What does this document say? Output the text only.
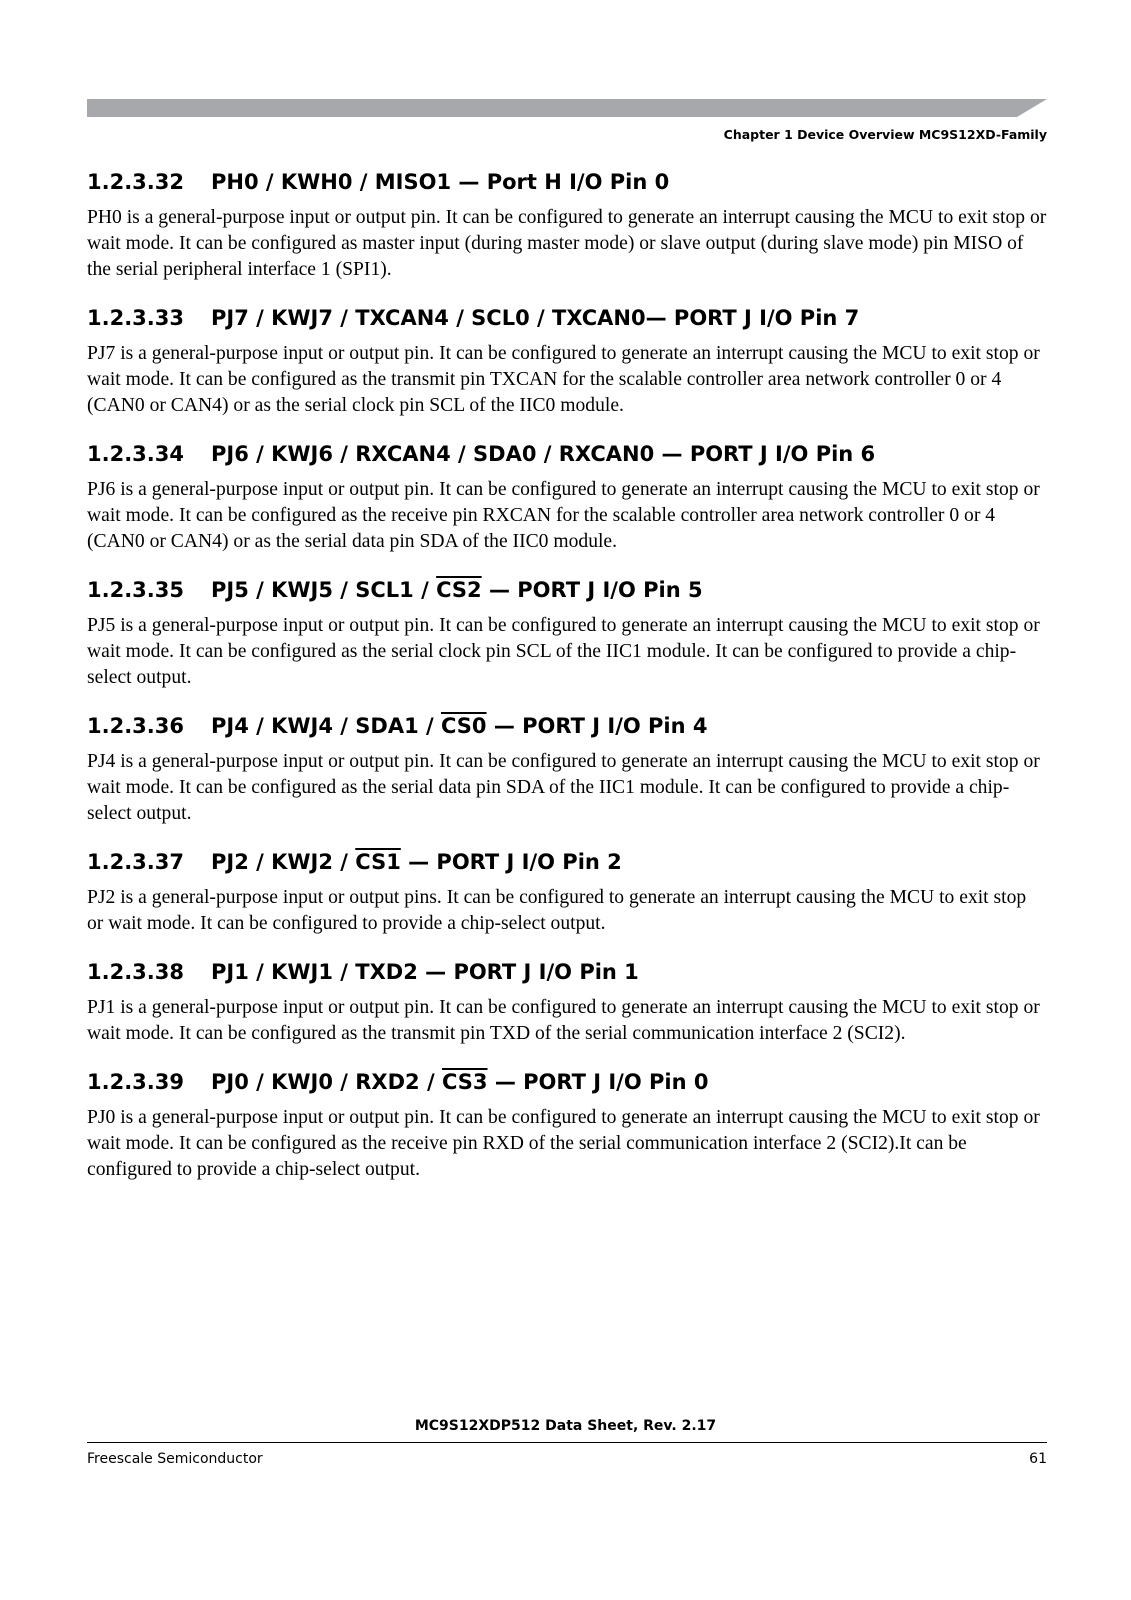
Chapter 1 Device Overview MC9S12XD-Family
1.2.3.32 PH0 / KWH0 / MISO1 — Port H I/O Pin 0

PH0 is a general-purpose input or output pin. It can be configured to generate an interrupt causing the MCU to exit stop or wait mode. It can be configured as master input (during master mode) or slave output (during slave mode) pin MISO of the serial peripheral interface 1 (SPI1).

1.2.3.33 PJ7 / KWJ7 / TXCAN4 / SCL0 / TXCAN0— PORT J I/O Pin 7

PJ7 is a general-purpose input or output pin. It can be configured to generate an interrupt causing the MCU to exit stop or wait mode. It can be configured as the transmit pin TXCAN for the scalable controller area network controller 0 or 4 (CAN0 or CAN4) or as the serial clock pin SCL of the IIC0 module.

1.2.3.34 PJ6 / KWJ6 / RXCAN4 / SDA0 / RXCAN0 — PORT J I/O Pin 6

PJ6 is a general-purpose input or output pin. It can be configured to generate an interrupt causing the MCU to exit stop or wait mode. It can be configured as the receive pin RXCAN for the scalable controller area network controller 0 or 4 (CAN0 or CAN4) or as the serial data pin SDA of the IIC0 module.

1.2.3.35 PJ5 / KWJ5 / SCL1 / CS2 — PORT J I/O Pin 5

PJ5 is a general-purpose input or output pin. It can be configured to generate an interrupt causing the MCU to exit stop or wait mode. It can be configured as the serial clock pin SCL of the IIC1 module. It can be configured to provide a chip-select output.

1.2.3.36 PJ4 / KWJ4 / SDA1 / CS0 — PORT J I/O Pin 4

PJ4 is a general-purpose input or output pin. It can be configured to generate an interrupt causing the MCU to exit stop or wait mode. It can be configured as the serial data pin SDA of the IIC1 module. It can be configured to provide a chip-select output.

1.2.3.37 PJ2 / KWJ2 / CS1 — PORT J I/O Pin 2

PJ2 is a general-purpose input or output pins. It can be configured to generate an interrupt causing the MCU to exit stop or wait mode. It can be configured to provide a chip-select output.

1.2.3.38 PJ1 / KWJ1 / TXD2 — PORT J I/O Pin 1

PJ1 is a general-purpose input or output pin. It can be configured to generate an interrupt causing the MCU to exit stop or wait mode. It can be configured as the transmit pin TXD of the serial communication interface 2 (SCI2).

1.2.3.39 PJ0 / KWJ0 / RXD2 / CS3 — PORT J I/O Pin 0

PJ0 is a general-purpose input or output pin. It can be configured to generate an interrupt causing the MCU to exit stop or wait mode. It can be configured as the receive pin RXD of the serial communication interface 2 (SCI2).It can be configured to provide a chip-select output.

MC9S12XDP512 Data Sheet, Rev. 2.17
Freescale Semiconductor	61
